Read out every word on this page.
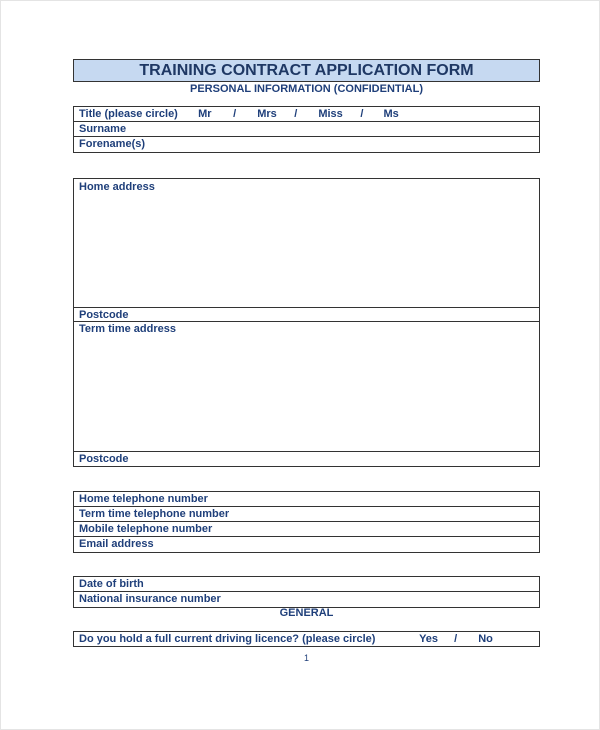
TRAINING CONTRACT APPLICATION FORM
PERSONAL INFORMATION (CONFIDENTIAL)
Title (please circle) Mr / Mrs / Miss / Ms
Surname
Forename(s)
Home address
Postcode
Term time address
Postcode
Home telephone number
Term time telephone number
Mobile telephone number
Email address
Date of birth
National insurance number
GENERAL
Do you hold a full current driving licence? (please circle)	Yes / No
1
